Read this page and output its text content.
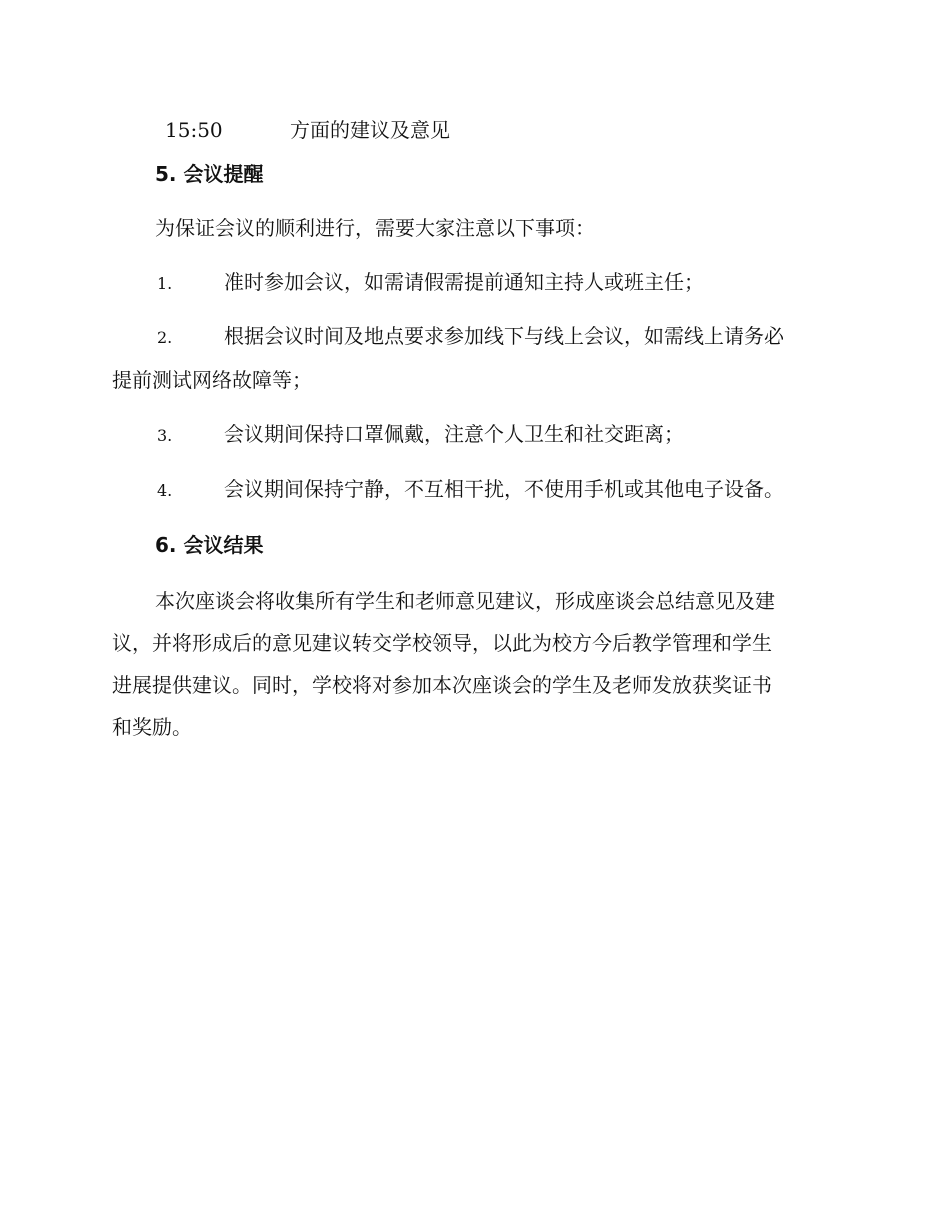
15:50	方面的建议及意见
5. 会议提醒
为保证会议的顺利进行，需要大家注意以下事项：
1.	准时参加会议，如需请假需提前通知主持人或班主任；
2.	根据会议时间及地点要求参加线下与线上会议，如需线上请务必
提前测试网络故障等；
3.	会议期间保持口罩佩戴，注意个人卫生和社交距离；
4.	会议期间保持宁静，不互相干扰，不使用手机或其他电子设备。
6. 会议结果
本次座谈会将收集所有学生和老师意见建议，形成座谈会总结意见及建
议，并将形成后的意见建议转交学校领导，以此为校方今后教学管理和学生
进展提供建议。同时，学校将对参加本次座谈会的学生及老师发放获奖证书
和奖励。
